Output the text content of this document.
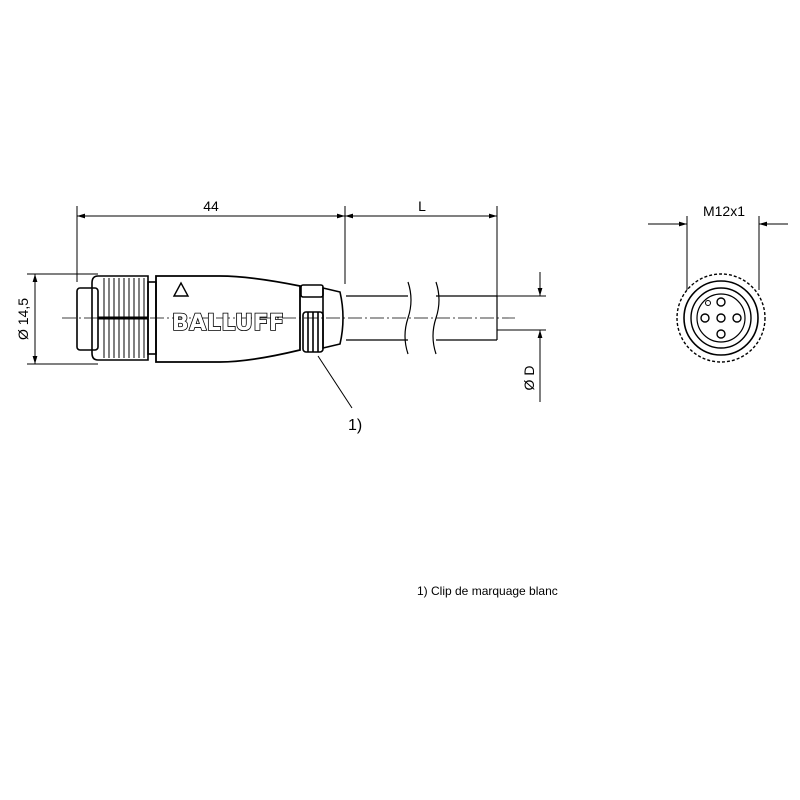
44	L
Ø 14,5
Ø D
BALLUFF
1)
M12x1
1) Clip de marquage blanc
